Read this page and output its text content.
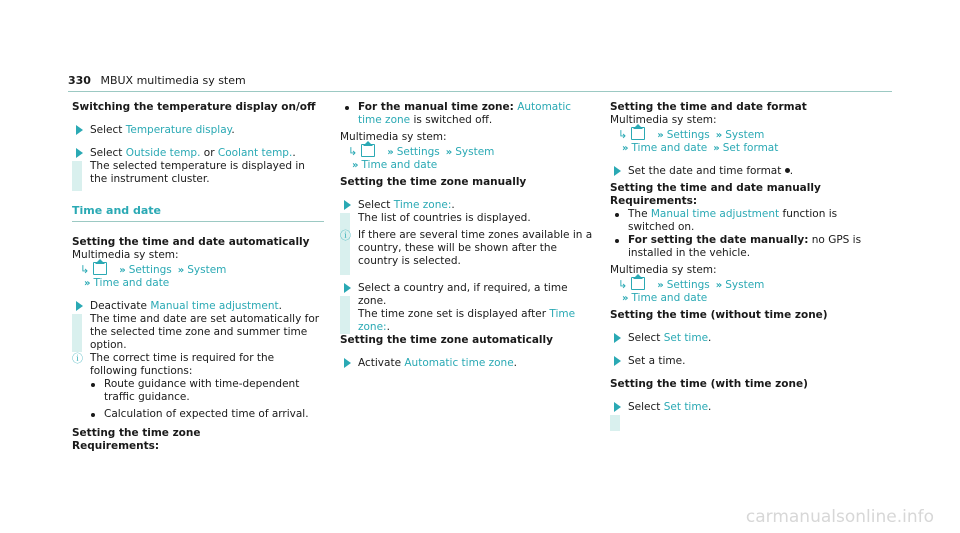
330 MBUX multimedia sy stem

Switching the temperature display on/off

Select Temperature display.

Select Outside temp. or Coolant temp..
The selected temperature is displayed in the instrument cluster.

Time and date

Setting the time and date automatically

Multimedia sy stem:

↳	» Settings » System

» Time and date

Deactivate Manual time adjustment.
The time and date are set automatically for the selected time zone and summer time option.

ⓘ The correct time is required for the following functions:

Route guidance with time-dependent traffic guidance.

Calculation of expected time of arrival.

Setting the time zone

Requirements:

For the manual time zone: Automatic time zone is switched off.

Multimedia sy stem:

↳	» Settings » System

» Time and date

Setting the time zone manually

Select Time zone:.
The list of countries is displayed.

ⓘ If there are several time zones available in a country, these will be shown after the country is selected.

Select a country and, if required, a time zone.
The time zone set is displayed after Time zone:.

Setting the time zone automatically

Activate Automatic time zone.

Setting the time and date format

Multimedia sy stem:

↳	» Settings » System

» Time and date » Set format

Set the date and time format .

Setting the time and date manually

Requirements:

The Manual time adjustment function is switched on.

For setting the date manually: no GPS is installed in the vehicle.

Multimedia sy stem:

↳	» Settings » System

» Time and date

Setting the time (without time zone)

Select Set time.

Set a time.

Setting the time (with time zone)

Select Set time.

carmanualsonline.info
